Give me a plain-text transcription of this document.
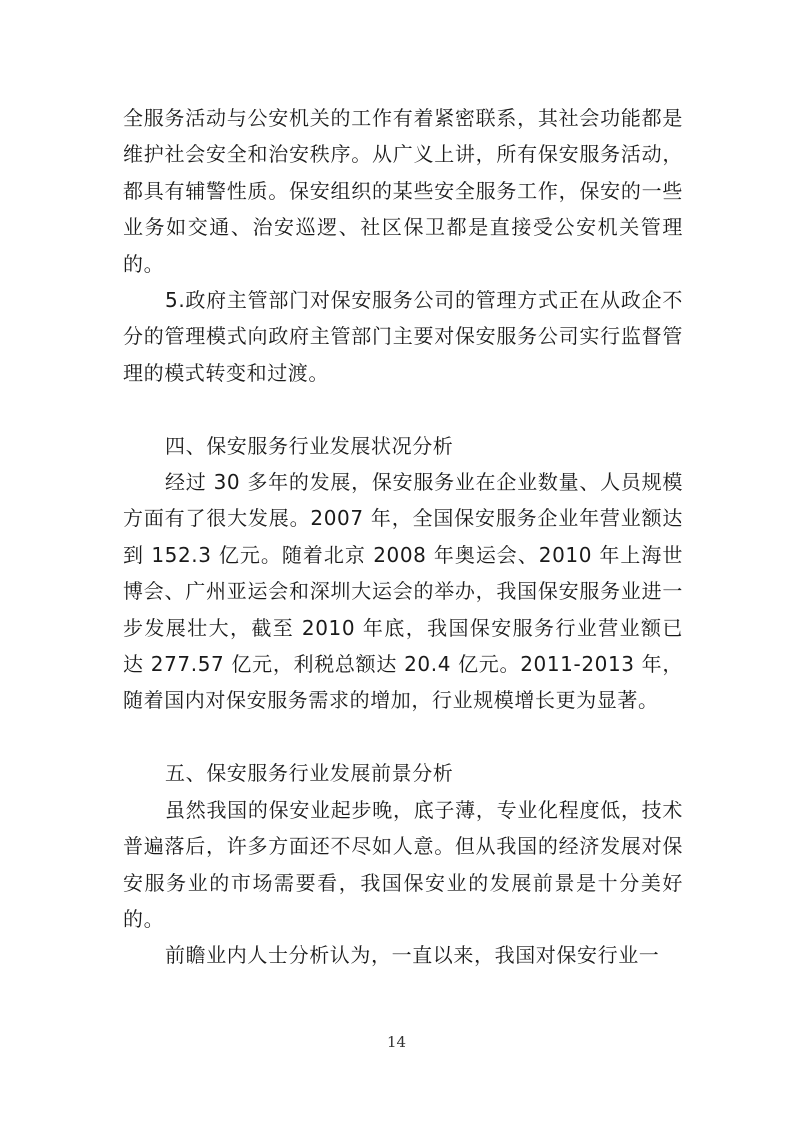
全服务活动与公安机关的工作有着紧密联系，其社会功能都是维护社会安全和治安秩序。从广义上讲，所有保安服务活动，都具有辅警性质。保安组织的某些安全服务工作，保安的一些业务如交通、治安巡逻、社区保卫都是直接受公安机关管理的。

5.政府主管部门对保安服务公司的管理方式正在从政企不分的管理模式向政府主管部门主要对保安服务公司实行监督管理的模式转变和过渡。

四、保安服务行业发展状况分析

经过 30 多年的发展，保安服务业在企业数量、人员规模方面有了很大发展。2007 年，全国保安服务企业年营业额达到 152.3 亿元。随着北京 2008 年奥运会、2010 年上海世博会、广州亚运会和深圳大运会的举办，我国保安服务业进一步发展壮大，截至 2010 年底，我国保安服务行业营业额已达 277.57 亿元，利税总额达 20.4 亿元。2011-2013 年，随着国内对保安服务需求的增加，行业规模增长更为显著。

五、保安服务行业发展前景分析

虽然我国的保安业起步晚，底子薄，专业化程度低，技术普遍落后，许多方面还不尽如人意。但从我国的经济发展对保安服务业的市场需要看，我国保安业的发展前景是十分美好的。

前瞻业内人士分析认为，一直以来，我国对保安行业一

14
